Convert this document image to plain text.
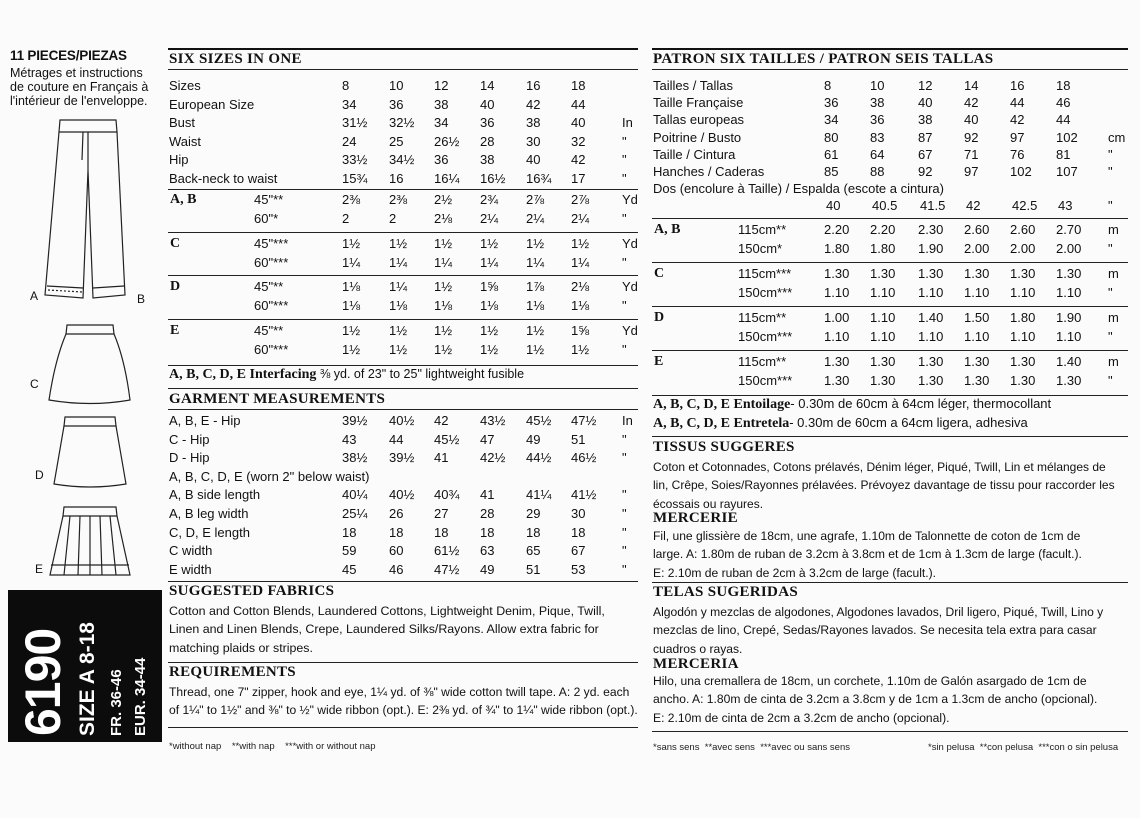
11 PIECES/PIEZAS
Métrages et instructions
de couture en Français à
l'intérieur de l'enveloppe.
A	B
C
D
E
6190 SIZE A 8-18 FR. 36-46 EUR. 34-44
SIX SIZES IN ONE
Sizes	8	10 12 14 16 18
European Size	34	36 38 40 42 44
Bust	31½ 32½ 34 36 38 40	In
Waist	24	25 26½ 28 30 32	"
Hip	33½ 34½ 36 38 40 42	"
Back-neck to waist	15¾ 16 16¼ 16½ 16¾ 17	"
A, B	45"**	2⅜ 2⅜ 2½ 2¾ 2⅞ 2⅞	Yd
60"*	2	2	2⅛ 2¼ 2¼ 2¼	"
C	45"***	1½ 1½ 1½ 1½ 1½ 1½	Yd
60"***	1¼ 1¼ 1¼ 1¼ 1¼ 1¼	"
D	45"**	1⅛ 1¼ 1½ 1⅝ 1⅞ 2⅛	Yd
60"***	1⅛ 1⅛ 1⅛ 1⅛ 1⅛ 1⅛	"
E	45"**	1½ 1½ 1½ 1½ 1½ 1⅝	Yd
60"***	1½ 1½ 1½ 1½ 1½ 1½	"
A, B, C, D, E Interfacing ⅜ yd. of 23" to 25" lightweight fusible
GARMENT MEASUREMENTS
A, B, E - Hip	39½ 40½ 42 43½ 45½ 47½ In
C - Hip	43	44 45½ 47 49 51	"
D - Hip	38½ 39½ 41 42½ 44½ 46½ "
A, B, C, D, E (worn 2" below waist)
A, B side length	40¼ 40½ 40¾ 41 41¼ 41½ "
A, B leg width	25¼ 26 27 28 29 30	"
C, D, E length	18	18 18 18 18 18	"
C width	59	60 61½ 63 65 67	"
E width	45	46 47½ 49 51 53	"
SUGGESTED FABRICS
Cotton and Cotton Blends, Laundered Cottons, Lightweight Denim, Pique, Twill,
Linen and Linen Blends, Crepe, Laundered Silks/Rayons. Allow extra fabric for
matching plaids or stripes.
REQUIREMENTS
Thread, one 7" zipper, hook and eye, 1¼ yd. of ⅜" wide cotton twill tape. A: 2 yd. each
of 1¼" to 1½" and ⅜" to ½" wide ribbon (opt.). E: 2⅜ yd. of ¾" to 1¼" wide ribbon (opt.).
*without nap    **with nap    ***with or without nap
PATRON SIX TAILLES / PATRON SEIS TALLAS
Tailles / Tallas	8	10	12 14 16 18
Taille Française	36 38	40 42 44 46
Tallas europeas	34 36	38 40 42 44
Poitrine / Busto	80 83	87 92 97 102 cm
Taille / Cintura	61 64	67 71 76 81	"
Hanches / Caderas	85 88	92 97 102 107 "
Dos (encolure à Taille) / Espalda (escote a cintura)
40 40.5 41.5 42 42.5 43	"
A, B	115cm**	2.20 2.20 2.30 2.60 2.60 2.70 m
150cm*	1.80 1.80 1.90 2.00 2.00 2.00 "
C	115cm***	1.30 1.30 1.30 1.30 1.30 1.30 m
150cm*** 1.10 1.10 1.10 1.10 1.10 1.10 "
D	115cm**	1.00 1.10 1.40 1.50 1.80 1.90 m
150cm*** 1.10 1.10 1.10 1.10 1.10 1.10 "
E	115cm**	1.30 1.30 1.30 1.30 1.30 1.40 m
150cm*** 1.30 1.30 1.30 1.30 1.30 1.30 "
A, B, C, D, E Entoilage- 0.30m de 60cm à 64cm léger, thermocollant
A, B, C, D, E Entretela- 0.30m de 60cm a 64cm ligera, adhesiva
TISSUS SUGGERES
Coton et Cotonnades, Cotons prélavés, Dénim léger, Piqué, Twill, Lin et mélanges de
lin, Crêpe, Soies/Rayonnes prélavées. Prévoyez davantage de tissu pour raccorder les
écossais ou rayures.
MERCERIE
Fil, une glissière de 18cm, une agrafe, 1.10m de Talonnette de coton de 1cm de
large. A: 1.80m de ruban de 3.2cm à 3.8cm et de 1cm à 1.3cm de large (facult.).
E: 2.10m de ruban de 2cm à 3.2cm de large (facult.).
TELAS SUGERIDAS
Algodón y mezclas de algodones, Algodones lavados, Dril ligero, Piqué, Twill, Lino y
mezclas de lino, Crepé, Sedas/Rayones lavados. Se necesita tela extra para casar
cuadros o rayas.
MERCERIA
Hilo, una cremallera de 18cm, un corchete, 1.10m de Galón asargado de 1cm de
ancho. A: 1.80m de cinta de 3.2cm a 3.8cm y de 1cm a 1.3cm de ancho (opcional).
E: 2.10m de cinta de 2cm a 3.2cm de ancho (opcional).
*sans sens  **avec sens  ***avec ou sans sens	*sin pelusa  **con pelusa  ***con o sin pelusa
